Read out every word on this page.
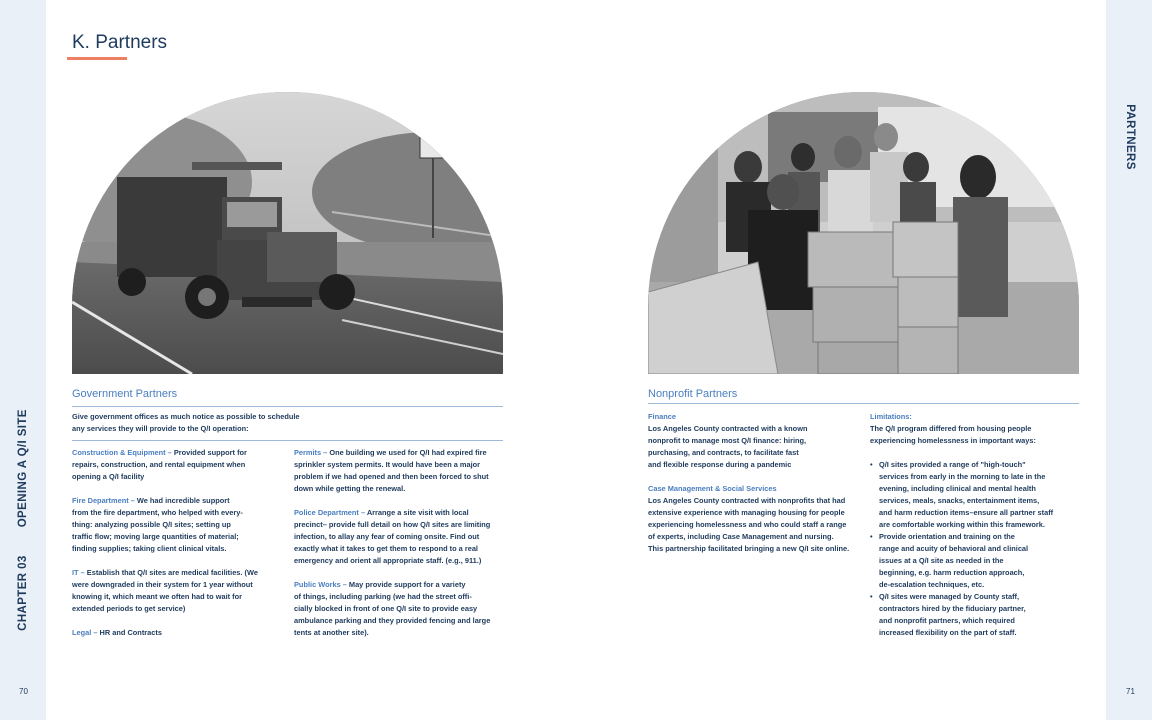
CHAPTER 03OPENING A Q/I SITE
70
PARTNERS
71
K. Partners
Government Partners
Give government offices as much notice as possible to schedule
any services they will provide to the Q/I operation:
Construction & Equipment – Provided support for
repairs, construction, and rental equipment when
opening a Q/I facility
Fire Department – We had incredible support
from the fire department, who helped with every-
thing: analyzing possible Q/I sites; setting up
traffic flow; moving large quantities of material;
finding supplies; taking client clinical vitals.
IT – Establish that Q/I sites are medical facilities. (We
were downgraded in their system for 1 year without
knowing it, which meant we often had to wait for
extended periods to get service)
Legal – HR and Contracts
Permits – One building we used for Q/I had expired fire
sprinkler system permits. It would have been a major
problem if we had opened and then been forced to shut
down while getting the renewal.
Police Department – Arrange a site visit with local
precinct– provide full detail on how Q/I sites are limiting
infection, to allay any fear of coming onsite. Find out
exactly what it takes to get them to respond to a real
emergency and orient all appropriate staff. (e.g., 911.)
Public Works – May provide support for a variety
of things, including parking (we had the street offi-
cially blocked in front of one Q/I site to provide easy
ambulance parking and they provided fencing and large
tents at another site).
Nonprofit Partners
Finance
Los Angeles County contracted with a known
nonprofit to manage most Q/I finance: hiring,
purchasing, and contracts, to facilitate fast
and flexible response during a pandemic
Case Management & Social Services
Los Angeles County contracted with nonprofits that had
extensive experience with managing housing for people
experiencing homelessness and who could staff a range
of experts, including Case Management and nursing.
This partnership facilitated bringing a new Q/I site online.
Limitations:
The Q/I program differed from housing people
experiencing homelessness in important ways:
• Q/I sites provided a range of "high-touch"
services from early in the morning to late in the
evening, including clinical and mental health
services, meals, snacks, entertainment items,
and harm reduction items–ensure all partner staff
are comfortable working within this framework.
• Provide orientation and training on the
range and acuity of behavioral and clinical
issues at a Q/I site as needed in the
beginning, e.g. harm reduction approach,
de-escalation techniques, etc.
• Q/I sites were managed by County staff,
contractors hired by the fiduciary partner,
and nonprofit partners, which required
increased flexibility on the part of staff.
